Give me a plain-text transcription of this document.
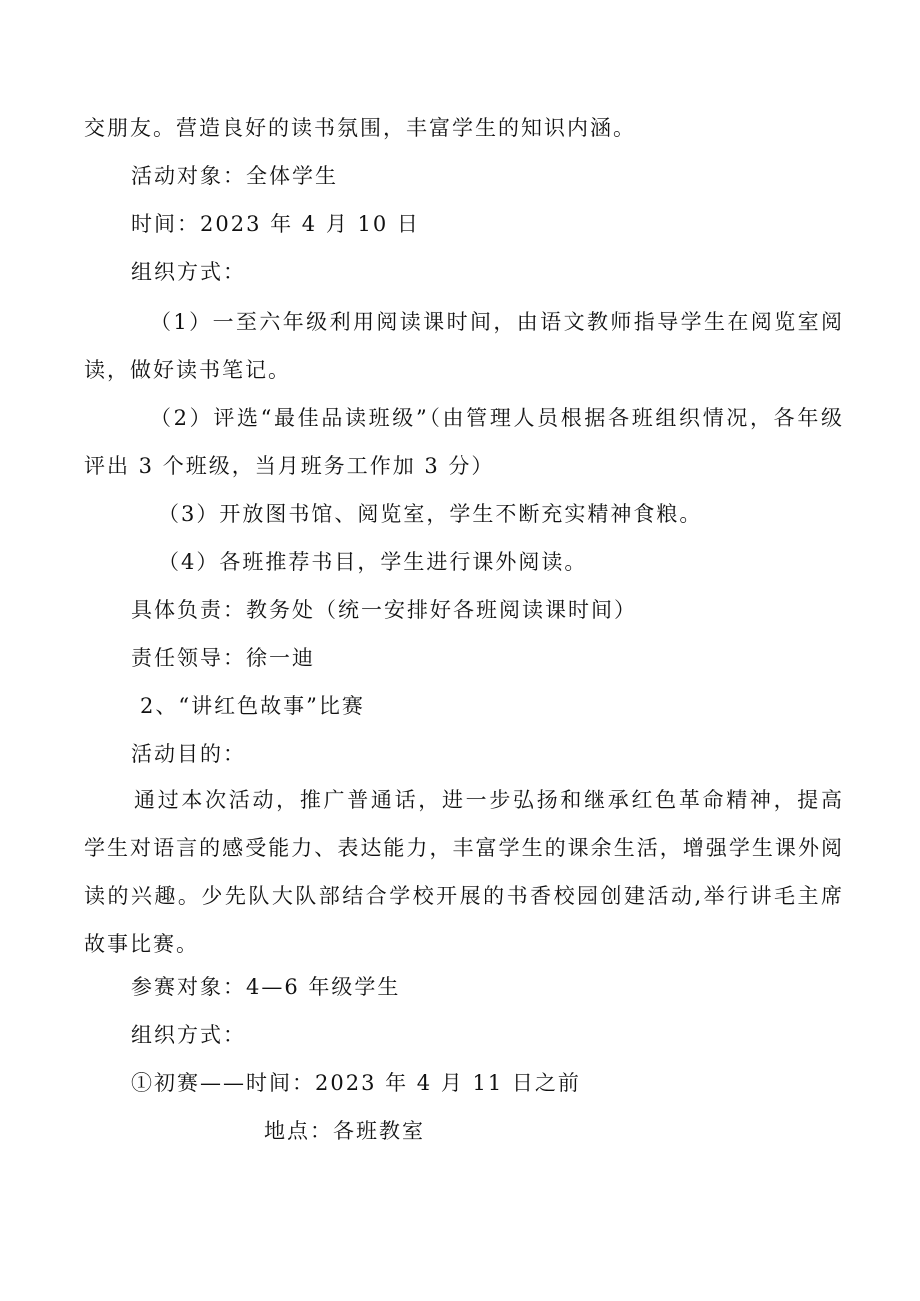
交朋友。营造良好的读书氛围，丰富学生的知识内涵。
活动对象：全体学生
时间：2023 年 4 月 10 日
组织方式：
（1）一至六年级利用阅读课时间，由语文教师指导学生在阅览室阅读，做好读书笔记。
（2）评选“最佳品读班级”（由管理人员根据各班组织情况，各年级评出 3 个班级，当月班务工作加 3 分）
（3）开放图书馆、阅览室，学生不断充实精神食粮。
（4）各班推荐书目，学生进行课外阅读。
具体负责：教务处（统一安排好各班阅读课时间）
责任领导：徐一迪
2、“讲红色故事”比赛
活动目的：
通过本次活动，推广普通话，进一步弘扬和继承红色革命精神，提高学生对语言的感受能力、表达能力，丰富学生的课余生活，增强学生课外阅读的兴趣。少先队大队部结合学校开展的书香校园创建活动,举行讲毛主席故事比赛。
参赛对象：4—6 年级学生
组织方式：
①初赛——时间：2023 年 4 月 11 日之前
地点：各班教室
